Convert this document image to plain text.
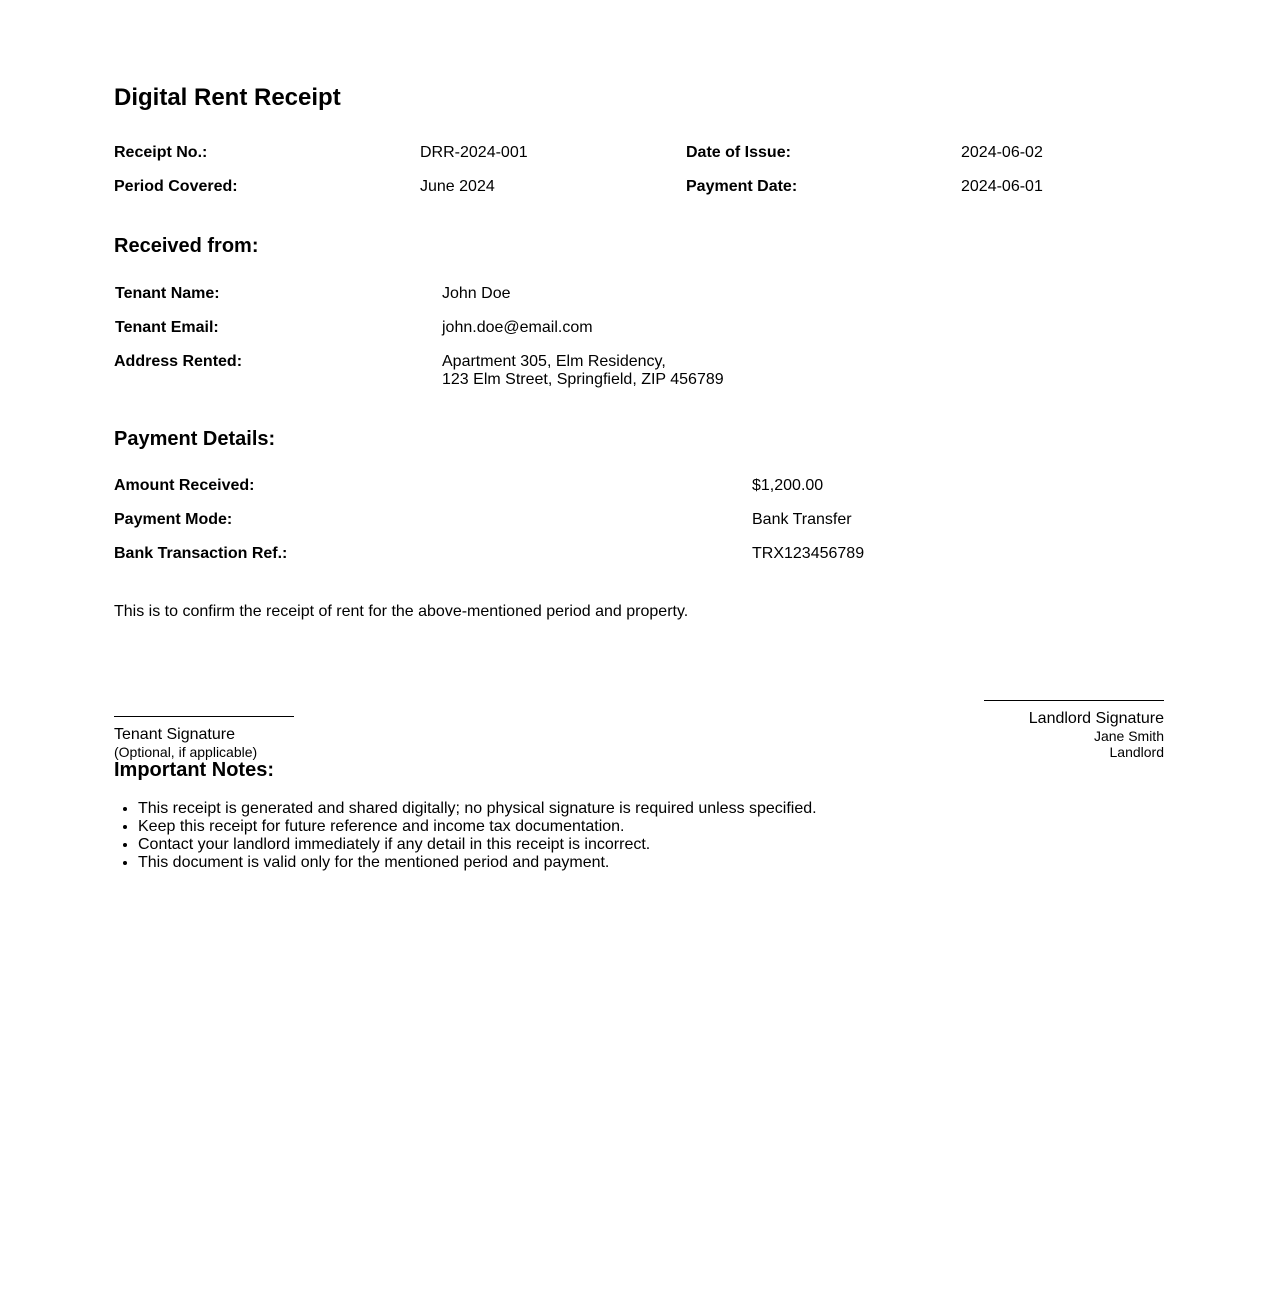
Digital Rent Receipt
Receipt No.:	DRR-2024-001	Date of Issue:	2024-06-02
Period Covered:	June 2024	Payment Date:	2024-06-01
Received from:
Tenant Name:	John Doe
Tenant Email:	john.doe@email.com
Address Rented:	Apartment 305, Elm Residency,
123 Elm Street, Springfield, ZIP 456789
Payment Details:
Amount Received:	$1,200.00
Payment Mode:	Bank Transfer
Bank Transaction Ref.:	TRX123456789
This is to confirm the receipt of rent for the above-mentioned period and property.
Tenant Signature
(Optional, if applicable)
Landlord Signature
Jane Smith
Landlord
Important Notes:
• This receipt is generated and shared digitally; no physical signature is required unless specified.
• Keep this receipt for future reference and income tax documentation.
• Contact your landlord immediately if any detail in this receipt is incorrect.
• This document is valid only for the mentioned period and payment.
